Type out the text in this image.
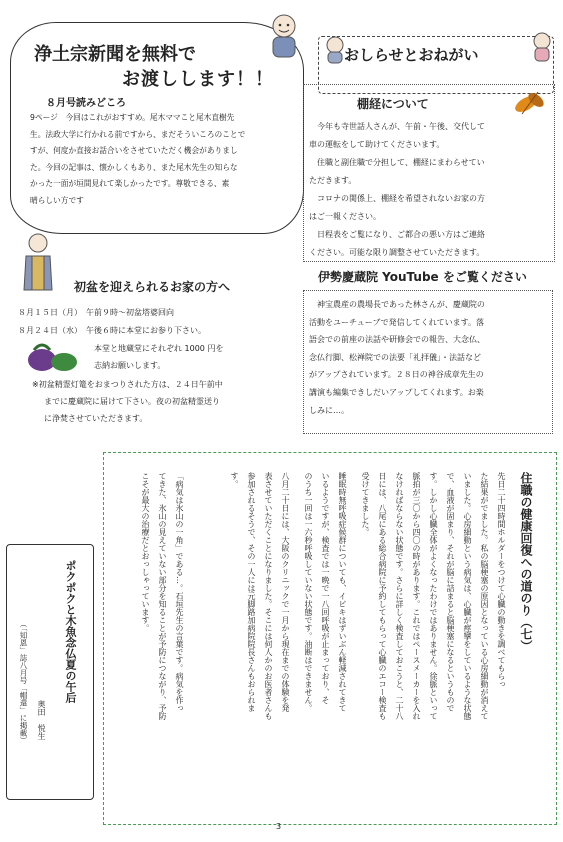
浄土宗新聞を無料で
お渡しします！！
８月号読みどころ
9ページ　今回はこれがおすすめ。尾木ママこと尾木直樹先
生。法政大学に行かれる前ですから、まだそういころのことで
すが、何度か直接お話合いをさせていただく機会がありまし
た。今回の記事は、懐かしくもあり、また尾木先生の知らな
かった一面が垣間見れて楽しかったです。尊敬できる、素
晴らしい方です
おしらせとおねがい
棚経について
今年も寺世話人さんが、午前・午後、交代して
車の運転をして助けてくださいます。
住職と副住職で分担して、棚経にまわらせてい
ただきます。
コロナの関係上、棚経を希望されないお家の方
はご一報ください。
日程表をご覧になり、ご都合の悪い方はご連絡
ください。可能な限り調整させていただきます。
伊勢慶蔵院 YouTube をご覧ください
神宝農産の農場長であった林さんが、慶蔵院の
活動をユーチューブで発信してくれています。落
語会での前座の法話や研修会での報告、大念仏、
念仏行脚、松禅院での法要「礼拝儀」・法話など
がアップされています。２８日の神谷成章先生の
講演も編集できしだいアップしてくれます。お楽
しみに…。
初盆を迎えられるお家の方へ
８月１５日（月）　午前９時～初盆塔婆回向
８月２４日（水）　午後６時に本堂にお参り下さい。
本堂と地蔵堂にそれぞれ 1000 円を
志納お願いします。
※初盆精霊灯篭をおまつりされた方は、２４日午前中
までに慶蔵院に届けて下さい。夜の初盆精霊送り
に浄焚させていただきます。
住職の健康回復への道のり（七）
先日二十四時間ホルダーをつけて心臓の動きを調べてもらっ
た結果がでました。私の脳梗塞の原因となっている心房細動が消えて
いました。心房細動という病気は、心臓が痙攣をしているような状態
で、血液が固まり、それが脳に詰まると脳梗塞になるというもので
す。しかし心臓全体がよくなったわけではありません。徐脈といって
脈拍が三〇から四〇の時があります。これではペースメーカーを入れ
なければならない状態です。さらに詳しく検査しておこうと、二十八
日には、八尾にある総合病院に予約してもらって心臓のエコー検査も
受けてきました。
睡眠時無呼吸症候群についても、イビキはずいぶん軽減されてきて
いるようですが、検査では一晩で一八回呼吸が止まっており、そ
のうち一回は一六秒呼吸していない状態です。油断はできません。
八月二十日には、大阪のクリニックで一月から現在までの体験を発
表させていただくことになりました。そこには何人かのお医者さんも
参加されるそうで、その一人には元脚路加病院院長さんもおられま
す。
「病気は氷山の一角」である…。石垣先生の言葉です。病気を作っ
てきた、氷山の見えていない部分を知ることが予防につながり、予防
こそが最大の治療だとおっしゃっています。
ポクポクと木魚念仏夏の午后
奥田　悦生
（「知恩」誌八月号「帽還」に掲載）
3
